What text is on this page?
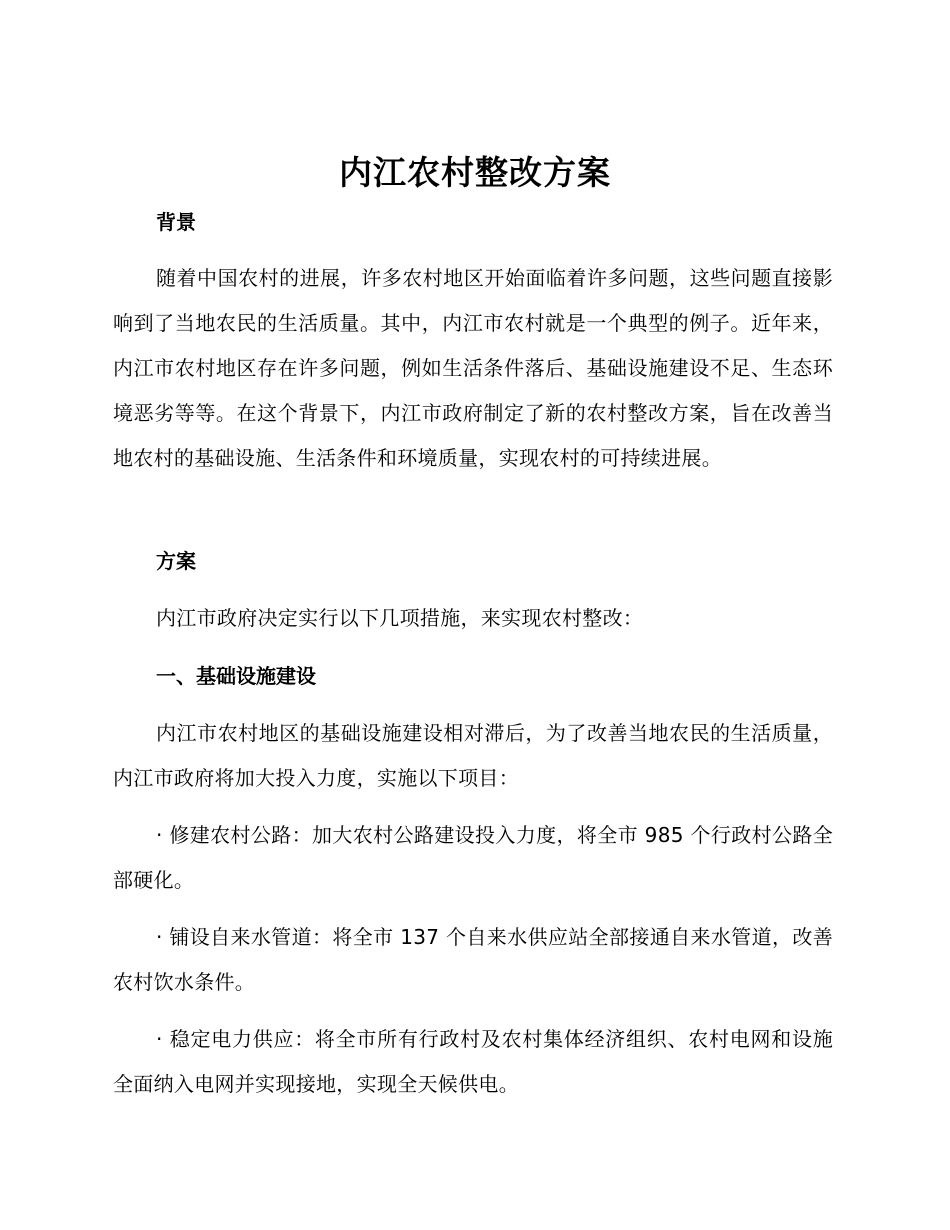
内江农村整改方案
背景
随着中国农村的进展，许多农村地区开始面临着许多问题，这些问题直接影响到了当地农民的生活质量。其中，内江市农村就是一个典型的例子。近年来，内江市农村地区存在许多问题，例如生活条件落后、基础设施建设不足、生态环境恶劣等等。在这个背景下，内江市政府制定了新的农村整改方案，旨在改善当地农村的基础设施、生活条件和环境质量，实现农村的可持续进展。
方案
内江市政府决定实行以下几项措施，来实现农村整改：
一、基础设施建设
内江市农村地区的基础设施建设相对滞后，为了改善当地农民的生活质量，内江市政府将加大投入力度，实施以下项目：
· 修建农村公路：加大农村公路建设投入力度，将全市 985 个行政村公路全部硬化。
· 铺设自来水管道：将全市 137 个自来水供应站全部接通自来水管道，改善农村饮水条件。
· 稳定电力供应：将全市所有行政村及农村集体经济组织、农村电网和设施全面纳入电网并实现接地，实现全天候供电。
